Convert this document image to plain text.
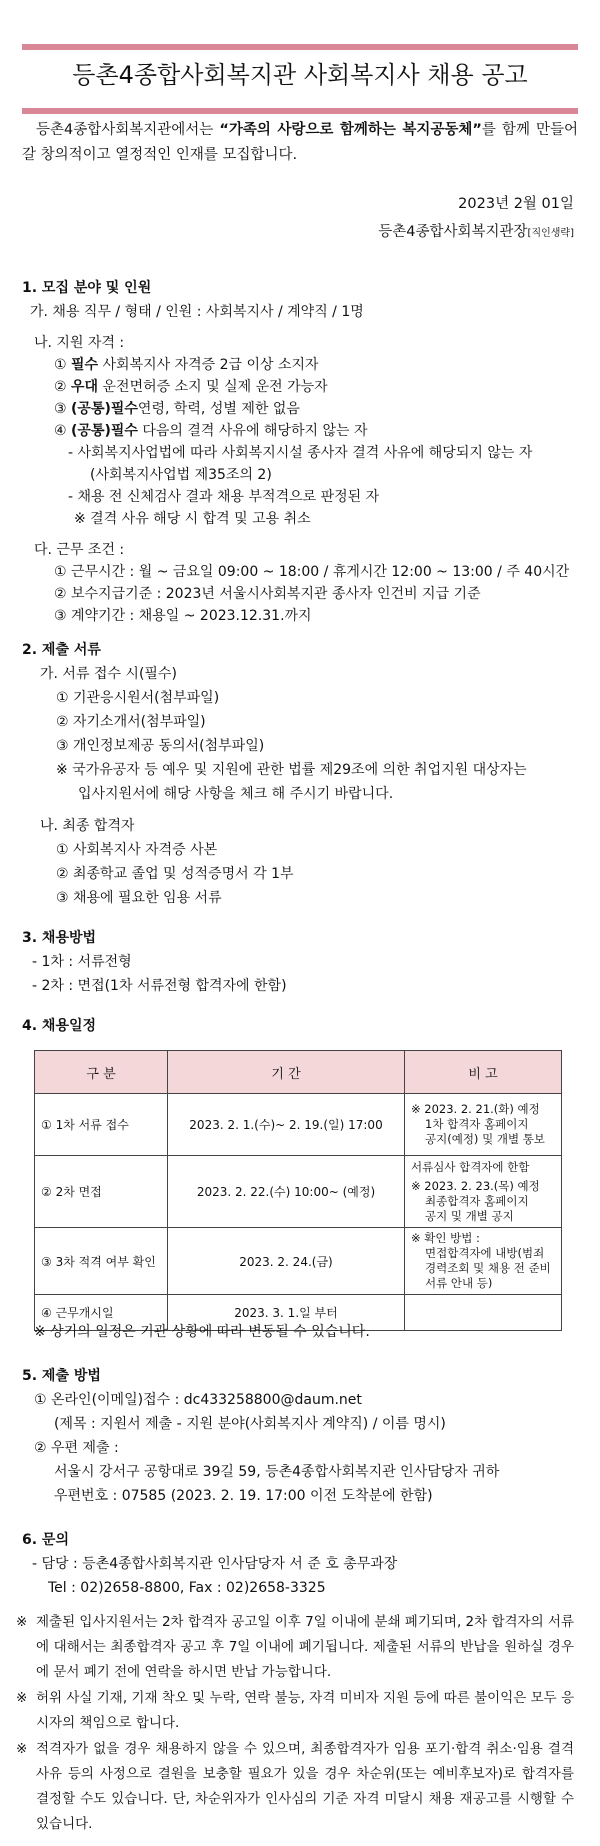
등촌4종합사회복지관 사회복지사 채용 공고
등촌4종합사회복지관에서는 “가족의 사랑으로 함께하는 복지공동체”를 함께 만들어 갈 창의적이고 열정적인 인재를 모집합니다.
2023년 2월 01일
등촌4종합사회복지관장[직인생략]
1. 모집 분야 및 인원
가. 채용 직무 / 형태 / 인원 : 사회복지사 / 계약직 / 1명
나. 지원 자격 :
① 필수 사회복지사 자격증 2급 이상 소지자
② 우대 운전면허증 소지 및 실제 운전 가능자
③ (공통)필수연령, 학력, 성별 제한 없음
④ (공통)필수 다음의 결격 사유에 해당하지 않는 자
- 사회복지사업법에 따라 사회복지시설 종사자 결격 사유에 해당되지 않는 자
(사회복지사업법 제35조의 2)
- 채용 전 신체검사 결과 채용 부적격으로 판정된 자
※ 결격 사유 해당 시 합격 및 고용 취소
다. 근무 조건 :
① 근무시간 : 월 ~ 금요일 09:00 ~ 18:00 / 휴게시간 12:00 ~ 13:00 / 주 40시간
② 보수지급기준 : 2023년 서울시사회복지관 종사자 인건비 지급 기준
③ 계약기간 : 채용일 ~ 2023.12.31.까지
2. 제출 서류
가. 서류 접수 시(필수)
① 기관응시원서(첨부파일)
② 자기소개서(첨부파일)
③ 개인정보제공 동의서(첨부파일)
※ 국가유공자 등 예우 및 지원에 관한 법률 제29조에 의한 취업지원 대상자는
입사지원서에 해당 사항을 체크 해 주시기 바랍니다.
나. 최종 합격자
① 사회복지사 자격증 사본
② 최종학교 졸업 및 성적증명서 각 1부
③ 채용에 필요한 임용 서류
3. 채용방법
- 1차 : 서류전형
- 2차 : 면접(1차 서류전형 합격자에 한함)
4. 채용일정
구 분	기 간	비 고
① 1차 서류 접수	2023. 2. 1.(수)~ 2. 19.(일) 17:00	※ 2023. 2. 21.(화) 예정
1차 합격자 홈페이지
공지(예정) 및 개별 통보

② 2차 면접	2023. 2. 22.(수) 10:00~ (예정)	서류심사 합격자에 한함
※ 2023. 2. 23.(목) 예정
최종합격자 홈페이지
공지 및 개별 공지

③ 3차 적격 여부 확인	2023. 2. 24.(금)	※ 확인 방법 :
면접합격자에 내방(범죄
경력조회 및 채용 전 준비
서류 안내 등)

④ 근무개시일	2023. 3. 1.일 부터	
※ 상기의 일정은 기관 상황에 따라 변동될 수 있습니다.
5. 제출 방법
① 온라인(이메일)접수 : dc433258800@daum.net
(제목 : 지원서 제출 - 지원 분야(사회복지사 계약직) / 이름 명시)
② 우편 제출 :
서울시 강서구 공항대로 39길 59, 등촌4종합사회복지관 인사담당자 귀하
우편번호 : 07585 (2023. 2. 19. 17:00 이전 도착분에 한함)
6. 문의
- 담당 : 등촌4종합사회복지관 인사담당자 서 준 호 총무과장
Tel : 02)2658-8800, Fax : 02)2658-3325
※ 제출된 입사지원서는 2차 합격자 공고일 이후 7일 이내에 분쇄 폐기되며, 2차 합격자의 서류에 대해서는 최종합격자 공고 후 7일 이내에 폐기됩니다. 제출된 서류의 반납을 원하실 경우에 문서 폐기 전에 연락을 하시면 반납 가능합니다.
※ 허위 사실 기재, 기재 착오 및 누락, 연락 불능, 자격 미비자 지원 등에 따른 불이익은 모두 응시자의 책임으로 합니다.
※ 적격자가 없을 경우 채용하지 않을 수 있으며, 최종합격자가 임용 포기·합격 취소·임용 결격 사유 등의 사정으로 결원을 보충할 필요가 있을 경우 차순위(또는 예비후보자)로 합격자를 결정할 수도 있습니다. 단, 차순위자가 인사심의 기준 자격 미달시 채용 재공고를 시행할 수 있습니다.
